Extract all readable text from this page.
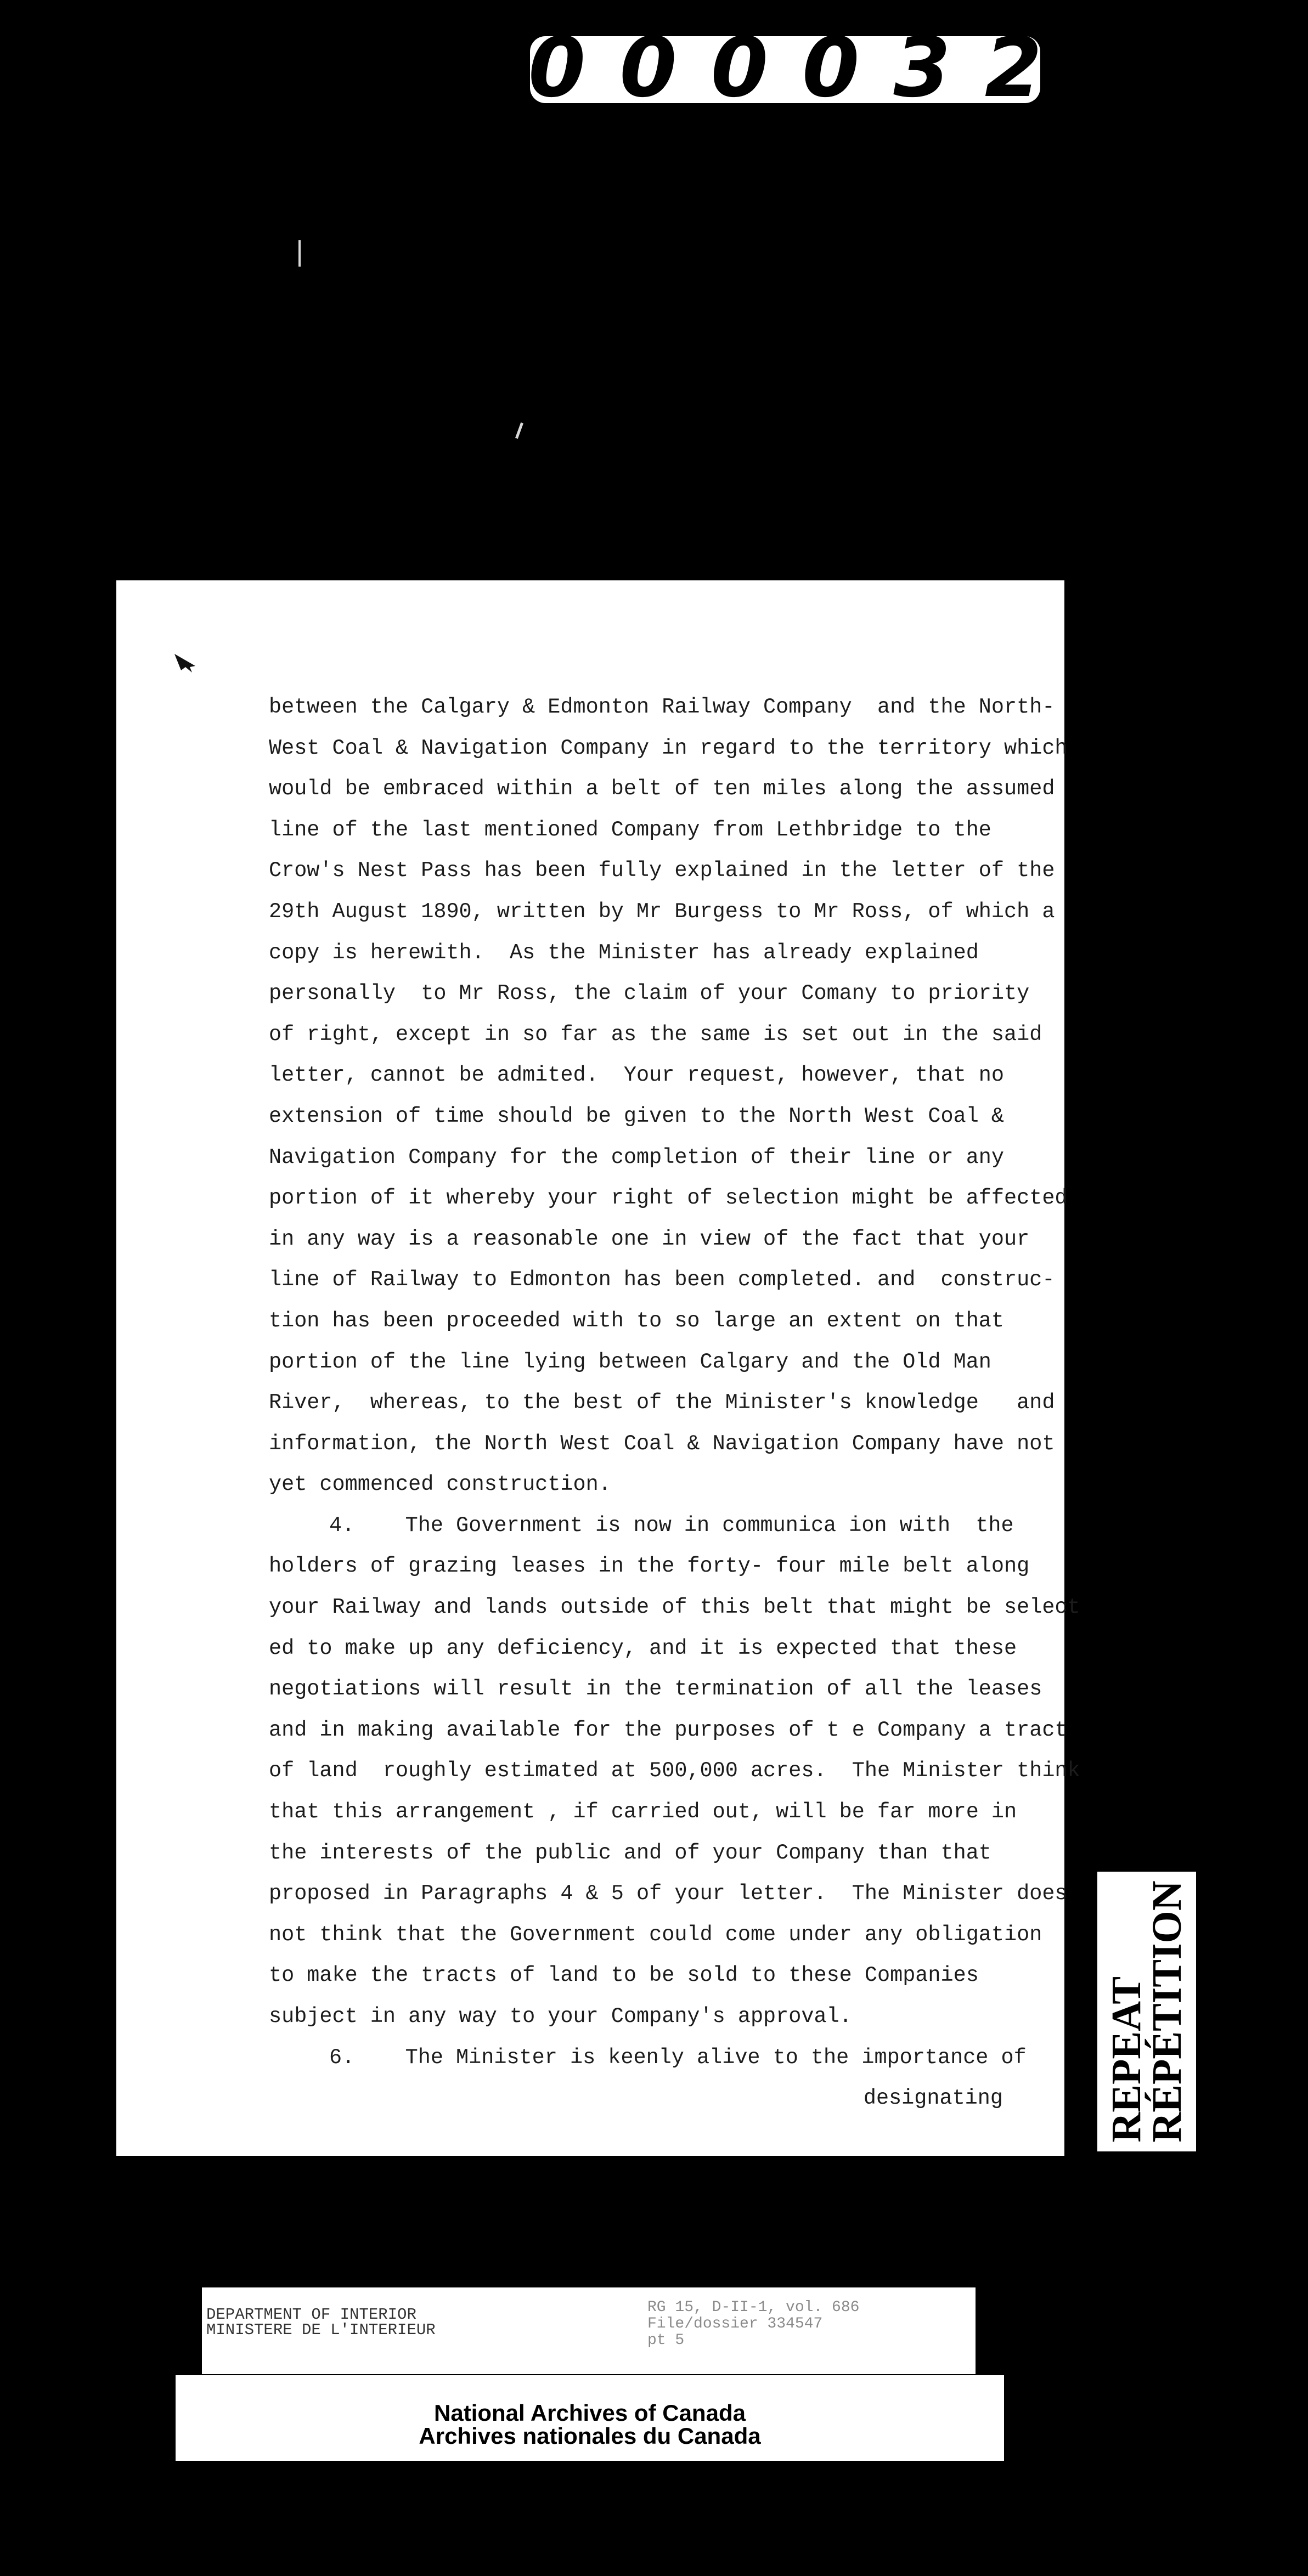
000032
between the Calgary & Edmonton Railway Company  and the North-
West Coal & Navigation Company in regard to the territory which
would be embraced within a belt of ten miles along the assumed
line of the last mentioned Company from Lethbridge to the
Crow's Nest Pass has been fully explained in the letter of the
29th August 1890, written by Mr Burgess to Mr Ross, of which a
copy is herewith.  As the Minister has already explained
personally  to Mr Ross, the claim of your Comany to priority
of right, except in so far as the same is set out in the said
letter, cannot be admited.  Your request, however, that no
extension of time should be given to the North West Coal &
Navigation Company for the completion of their line or any
portion of it whereby your right of selection might be affected
in any way is a reasonable one in view of the fact that your
line of Railway to Edmonton has been completed. and  construc-
tion has been proceeded with to so large an extent on that
portion of the line lying between Calgary and the Old Man
River,  whereas, to the best of the Minister's knowledge   and
information, the North West Coal & Navigation Company have not
yet commenced construction.
4.    The Government is now in communica ion with  the
holders of grazing leases in the forty- four mile belt along
your Railway and lands outside of this belt that might be select
ed to make up any deficiency, and it is expected that these
negotiations will result in the termination of all the leases
and in making available for the purposes of t e Company a tract
of land  roughly estimated at 500,000 acres.  The Minister think
that this arrangement , if carried out, will be far more in
the interests of the public and of your Company than that
proposed in Paragraphs 4 & 5 of your letter.  The Minister does
not think that the Government could come under any obligation
to make the tracts of land to be sold to these Companies
subject in any way to your Company's approval.
6.    The Minister is keenly alive to the importance of
designating	REPEAT
RÉPÉTITION
DEPARTMENT OF INTERIOR
MINISTERE DE L'INTERIEUR
RG 15, D-II-1, vol. 686
File/dossier 334547
pt 5
National Archives of Canada
Archives nationales du Canada
